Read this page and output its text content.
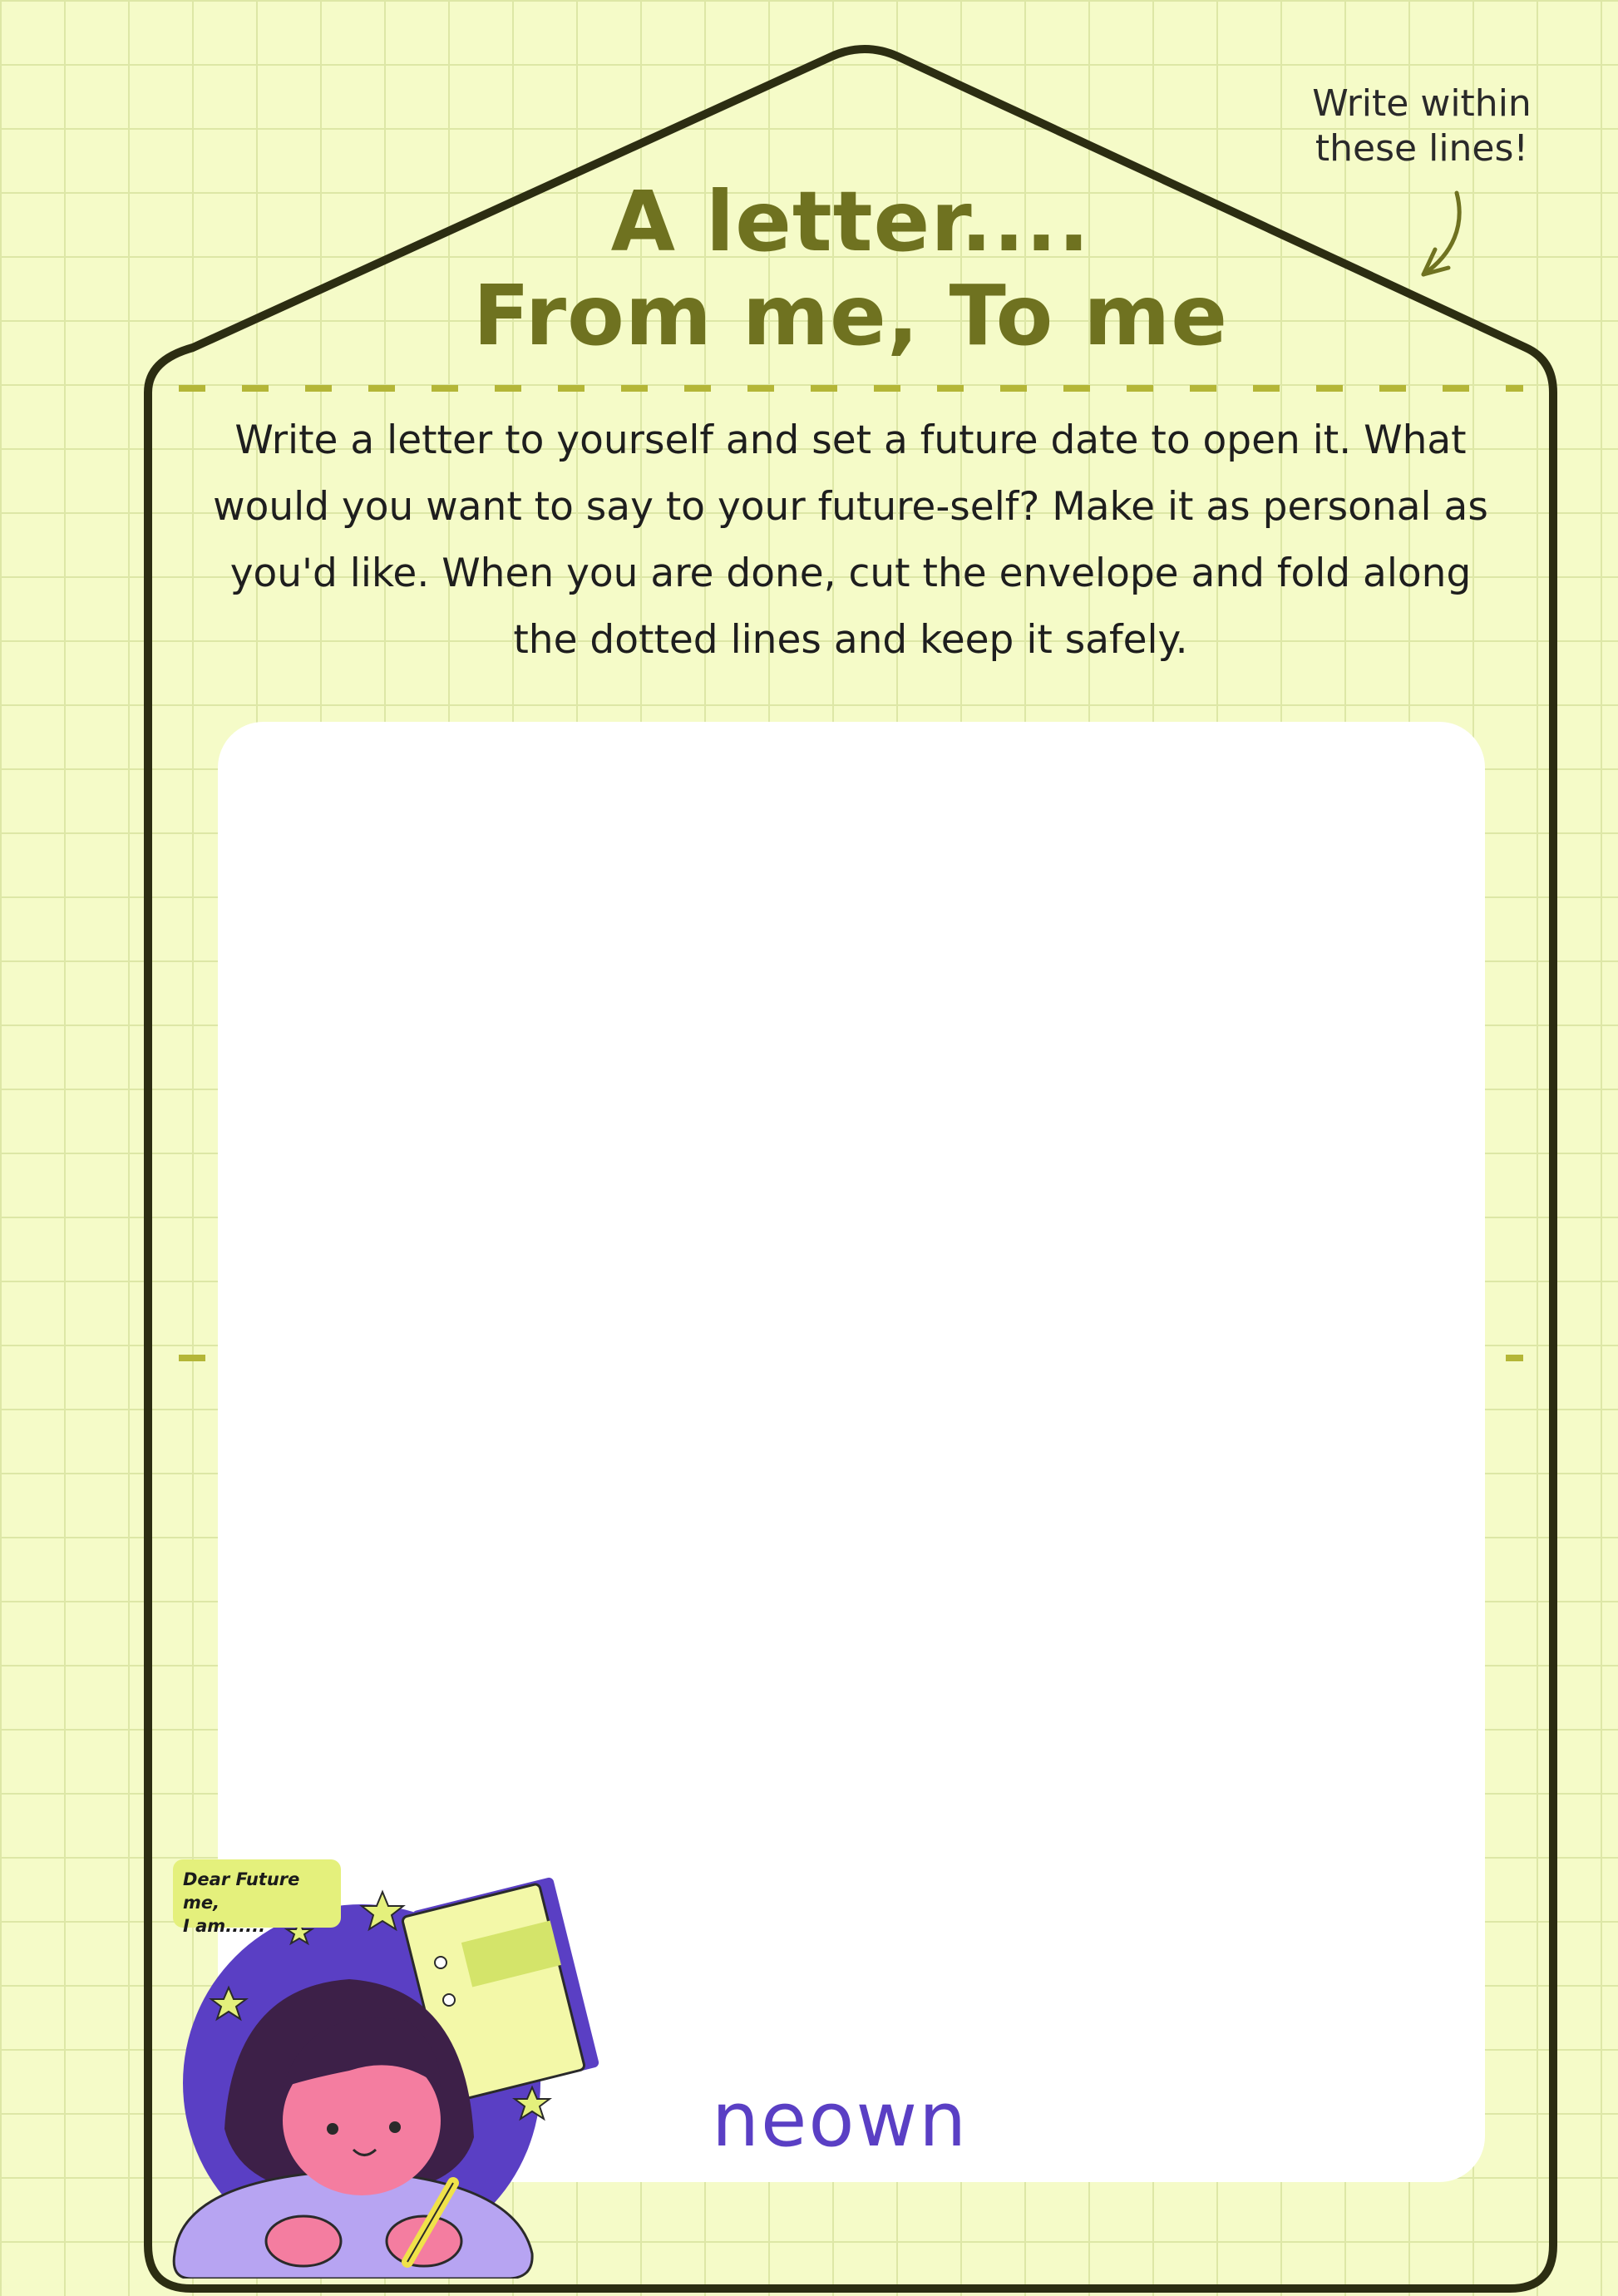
Write within
these lines!
A letter....
From me, To me
Write a letter to yourself and set a future date to open it. What would you want to say to your future-self? Make it as personal as you'd like. When you are done, cut the envelope and fold along the dotted lines and keep it safely.
Dear Future me,
I am......
neown
